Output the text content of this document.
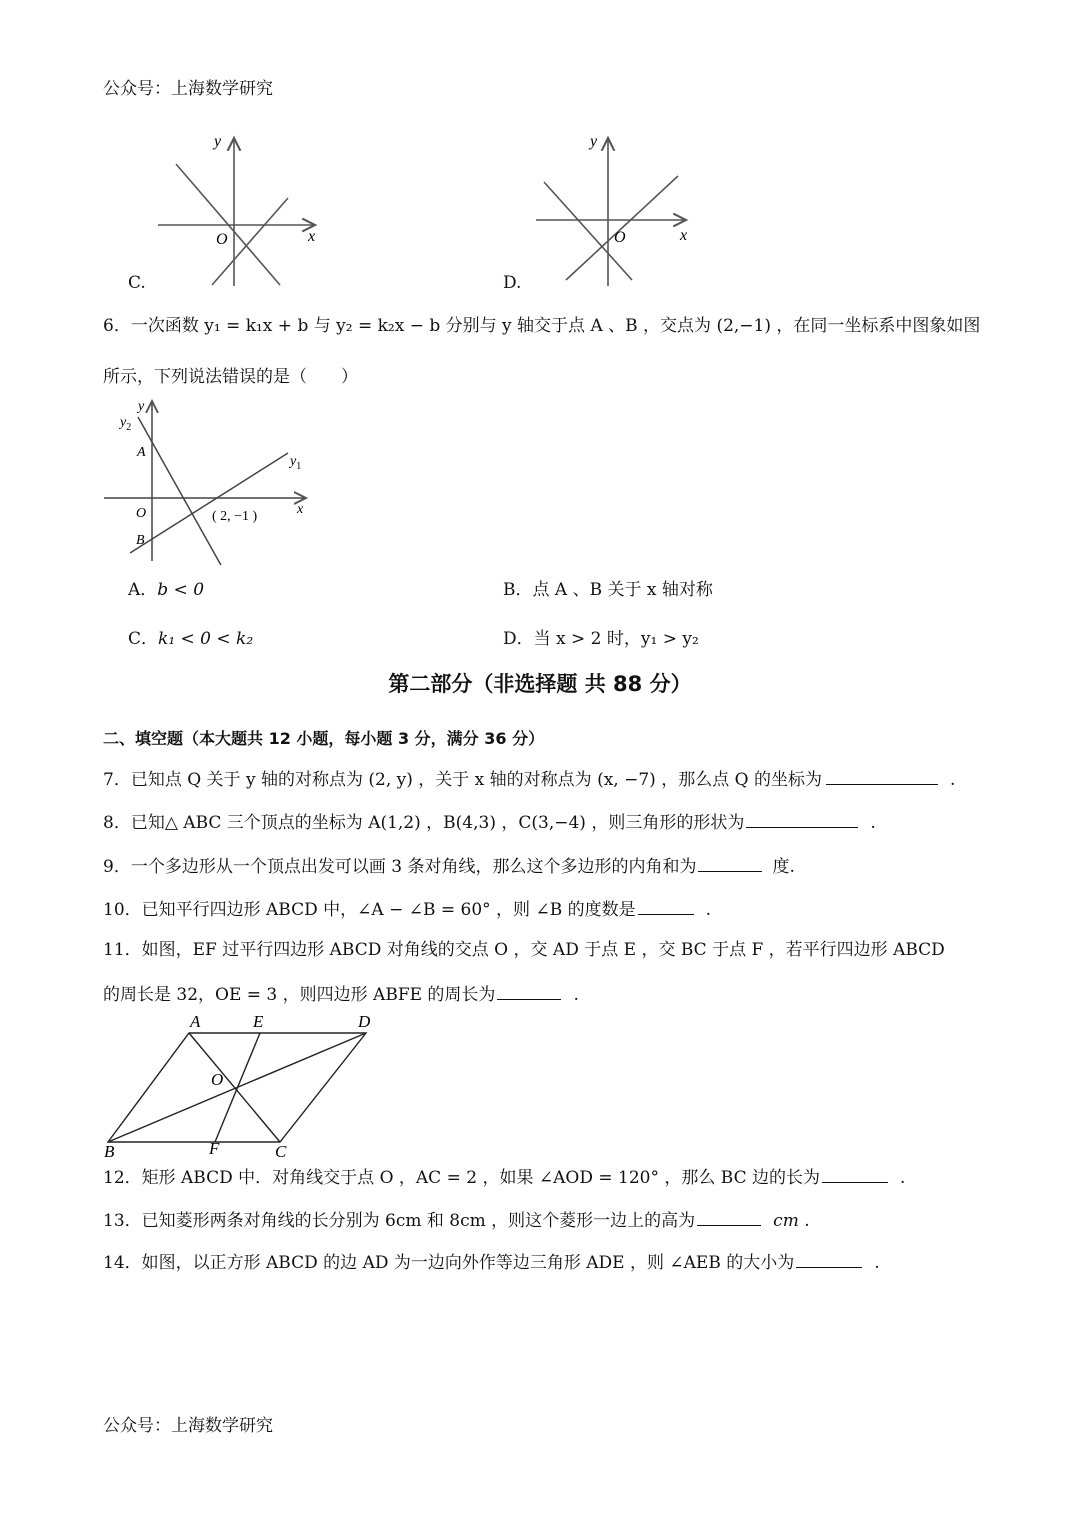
公众号：上海数学研究
y
x
O
C.
y
x
O
D.
6．一次函数 y₁ = k₁x + b 与 y₂ = k₂x − b 分别与 y 轴交于点 A 、B ，交点为 (2,−1) ，在同一坐标系中图象如图
所示，下列说法错误的是（　　）
y
x
$y_2$
$y_1$
A
O
B
( 2, −1 )
A．b < 0	B．点 A 、B 关于 x 轴对称
C．k₁ < 0 < k₂	D．当 x > 2 时，y₁ > y₂
第二部分（非选择题 共 88 分）
二、填空题（本大题共 12 小题，每小题 3 分，满分 36 分）
7．已知点 Q 关于 y 轴的对称点为 (2, y) ，关于 x 轴的对称点为 (x, −7) ，那么点 Q 的坐标为	.
8．已知△ ABC 三个顶点的坐标为 A(1,2) ，B(4,3) ，C(3,−4) ，则三角形的形状为	.
9．一个多边形从一个顶点出发可以画 3 条对角线，那么这个多边形的内角和为	度.
10．已知平行四边形 ABCD 中，∠A − ∠B = 60° ，则 ∠B 的度数是	.
11．如图，EF 过平行四边形 ABCD 对角线的交点 O ，交 AD 于点 E ，交 BC 于点 F ，若平行四边形 ABCD
的周长是 32，OE = 3 ，则四边形 ABFE 的周长为	.
A	E	D
O
B	F	C
12．矩形 ABCD 中．对角线交于点 O ，AC = 2 ，如果 ∠AOD = 120° ，那么 BC 边的长为	.
13．已知菱形两条对角线的长分别为 6cm 和 8cm ，则这个菱形一边上的高为	cm .
14．如图，以正方形 ABCD 的边 AD 为一边向外作等边三角形 ADE ，则 ∠AEB 的大小为	.
公众号：上海数学研究
